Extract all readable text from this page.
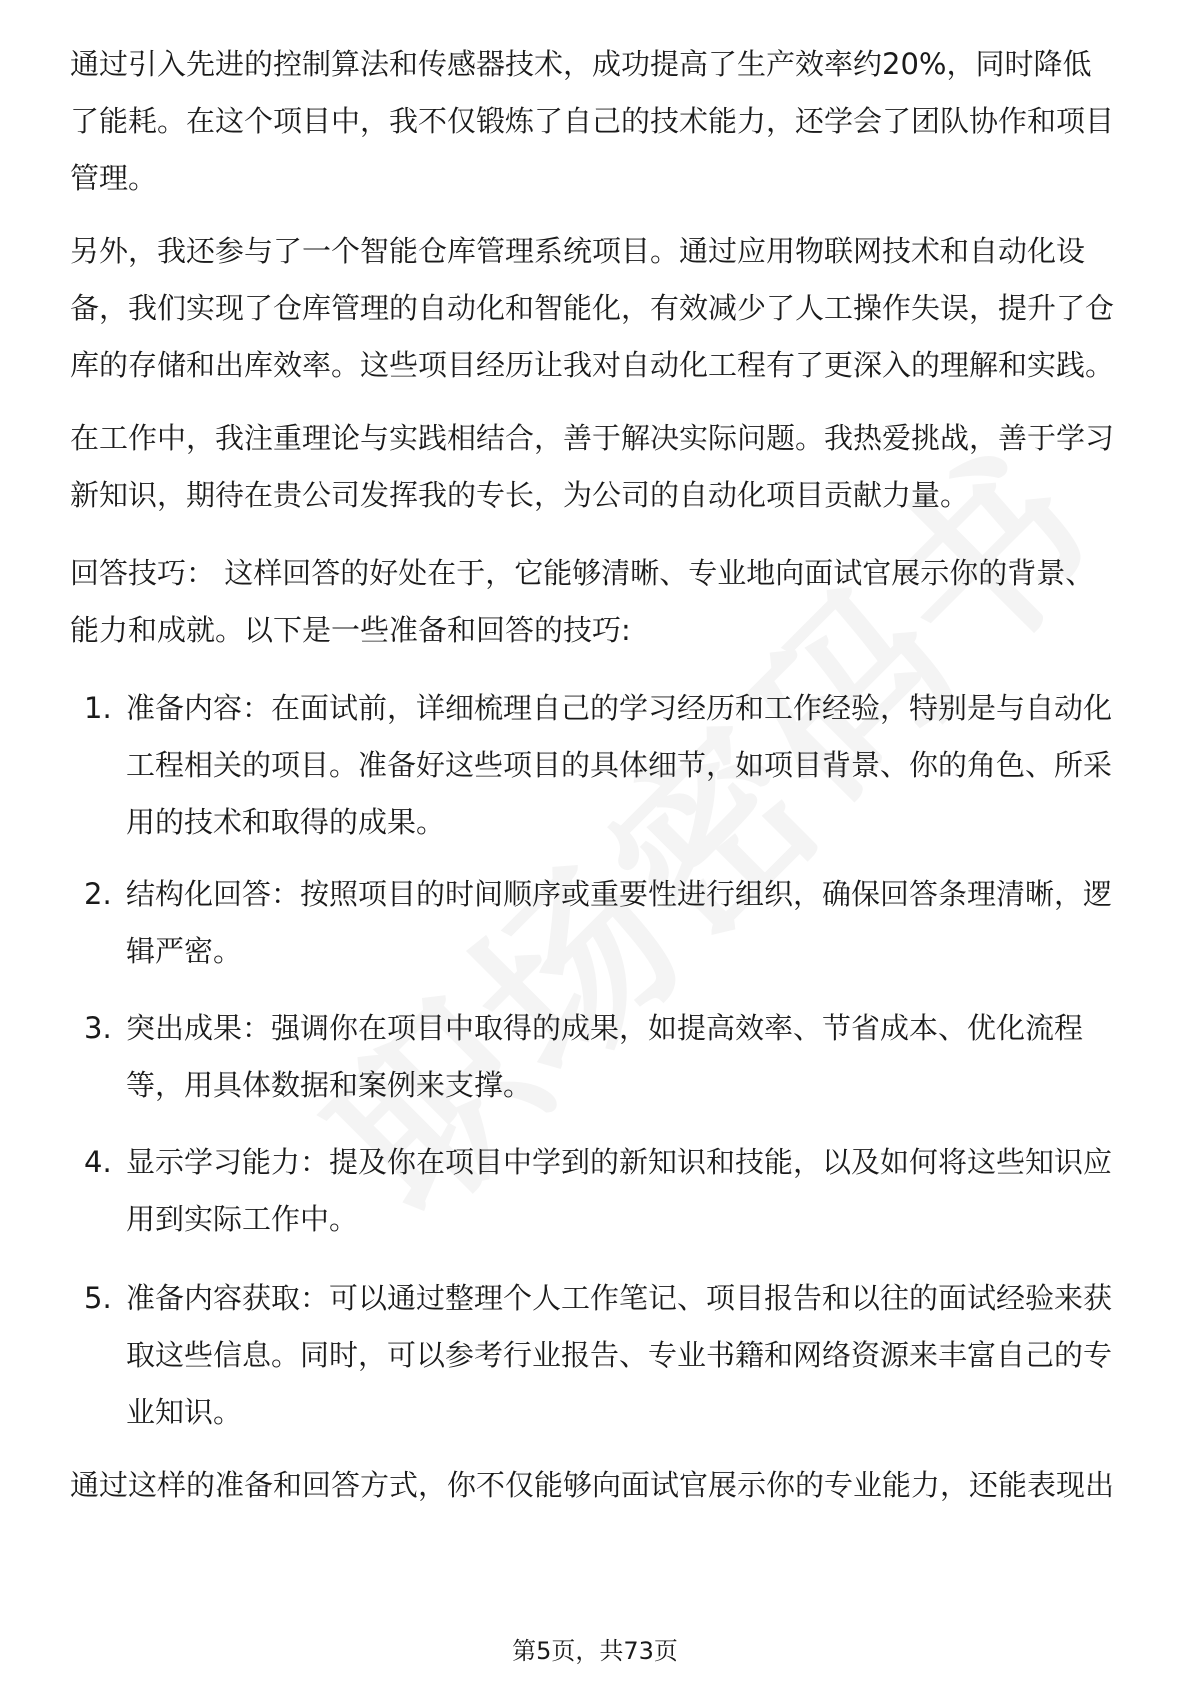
通过引入先进的控制算法和传感器技术，成功提高了生产效率约20%，同时降低了能耗。在这个项目中，我不仅锻炼了自己的技术能力，还学会了团队协作和项目管理。

另外，我还参与了一个智能仓库管理系统项目。通过应用物联网技术和自动化设备，我们实现了仓库管理的自动化和智能化，有效减少了人工操作失误，提升了仓库的存储和出库效率。这些项目经历让我对自动化工程有了更深入的理解和实践。

在工作中，我注重理论与实践相结合，善于解决实际问题。我热爱挑战，善于学习新知识，期待在贵公司发挥我的专长，为公司的自动化项目贡献力量。

回答技巧： 这样回答的好处在于，它能够清晰、专业地向面试官展示你的背景、能力和成就。以下是一些准备和回答的技巧:

1. 准备内容：在面试前，详细梳理自己的学习经历和工作经验，特别是与自动化工程相关的项目。准备好这些项目的具体细节，如项目背景、你的角色、所采用的技术和取得的成果。
2. 结构化回答：按照项目的时间顺序或重要性进行组织，确保回答条理清晰，逻辑严密。
3. 突出成果：强调你在项目中取得的成果，如提高效率、节省成本、优化流程等，用具体数据和案例来支撑。
4. 显示学习能力：提及你在项目中学到的新知识和技能，以及如何将这些知识应用到实际工作中。
5. 准备内容获取：可以通过整理个人工作笔记、项目报告和以往的面试经验来获取这些信息。同时，可以参考行业报告、专业书籍和网络资源来丰富自己的专业知识。

通过这样的准备和回答方式，你不仅能够向面试官展示你的专业能力，还能表现出

第5页，共73页
